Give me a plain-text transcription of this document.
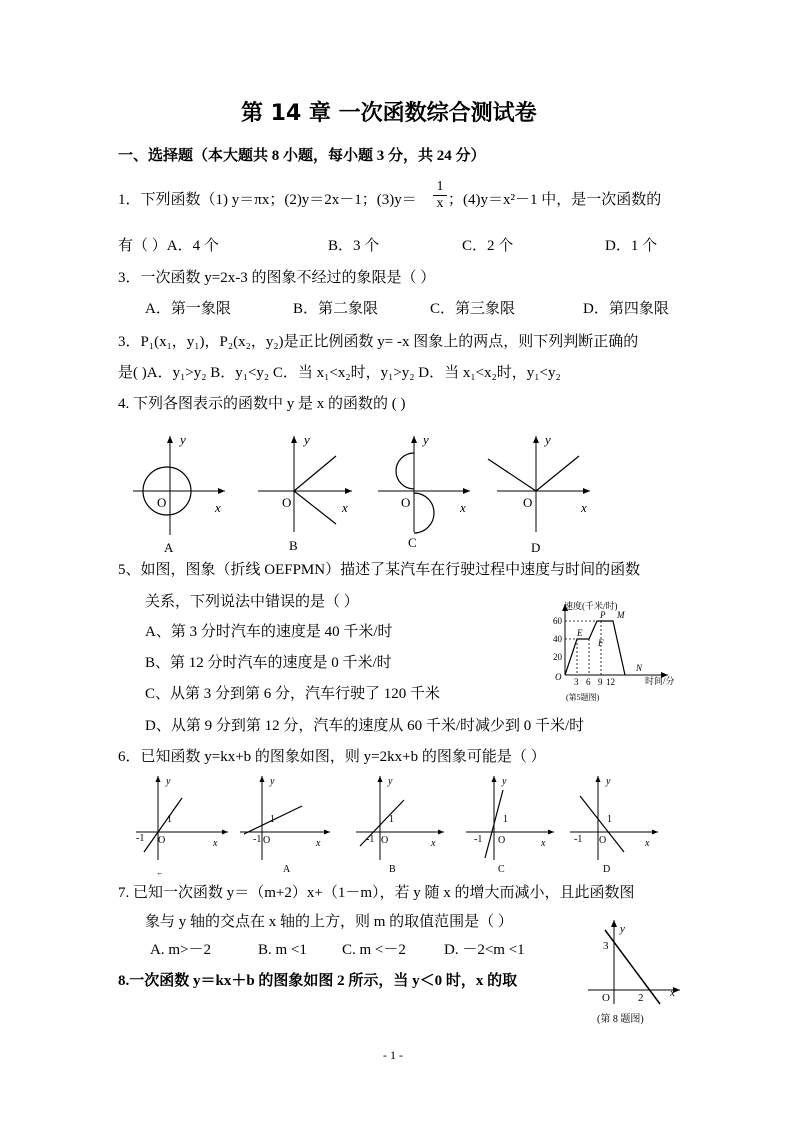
第 14 章 一次函数综合测试卷
一、选择题（本大题共 8 小题，每小题 3 分，共 24 分）
1．下列函数（1) y＝πx；(2)y＝2x－1；$(3)y= \frac{1}{x}$ ；(4)y＝x²－1 中，是一次函数的
有（ ）A．4 个	B．3 个	C．2 个	D．1 个
3．一次函数 y=2x-3 的图象不经过的象限是（ ）
A．第一象限	B．第二象限	C．第三象限	D．第四象限
3．P₁(x₁，y₁)，P₂(x₂，y₂)是正比例函数 y= -x 图象上的两点，则下列判断正确的
是( )A．y₁>y₂ B．y₁<y₂ C．当 x₁<x₂时，y₁>y₂ D．当 x₁<x₂时，y₁<y₂
4. 下列各图表示的函数中 y 是 x 的函数的 ( )
y
x
O
A
y
x
O
B
y
x
O
C
y
x
O
D
5、如图，图象（折线 OEFPMN）描述了某汽车在行驶过程中速度与时间的函数
关系，下列说法中错误的是（ ）
A、第 3 分时汽车的速度是 40 千米/时
B、第 12 分时汽车的速度是 0 千米/时
C、从第 3 分到第 6 分，汽车行驶了 120 千米
D、从第 9 分到第 12 分，汽车的速度从 60 千米/时减少到 0 千米/时
速度(千米/时)
时间/分
60
40
20
3 6 9 12
O
E
F
P M
N
(第5题图)
6．已知函数 y=kx+b 的图象如图，则 y=2kx+b 的图象可能是（ ）
y
x
1
-1 O
←
y
x
1
-1 O
A
y
x
1
-1 O
B
y
x
1
-1 O
C
y
x
1
-1 O
D
7. 已知一次函数 y＝（m+2）x+（1－m），若 y 随 x 的增大而减小，且此函数图
象与 y 轴的交点在 x 轴的上方，则 m 的取值范围是（ ）
A. m>－2	B. m <1 C. m <－2	D. －2<m <1
8.一次函数 y＝kx＋b 的图象如图 2 所示，当 y＜0 时，x 的取
y
x
3
2
O
(第 8 题图)
- 1 -
